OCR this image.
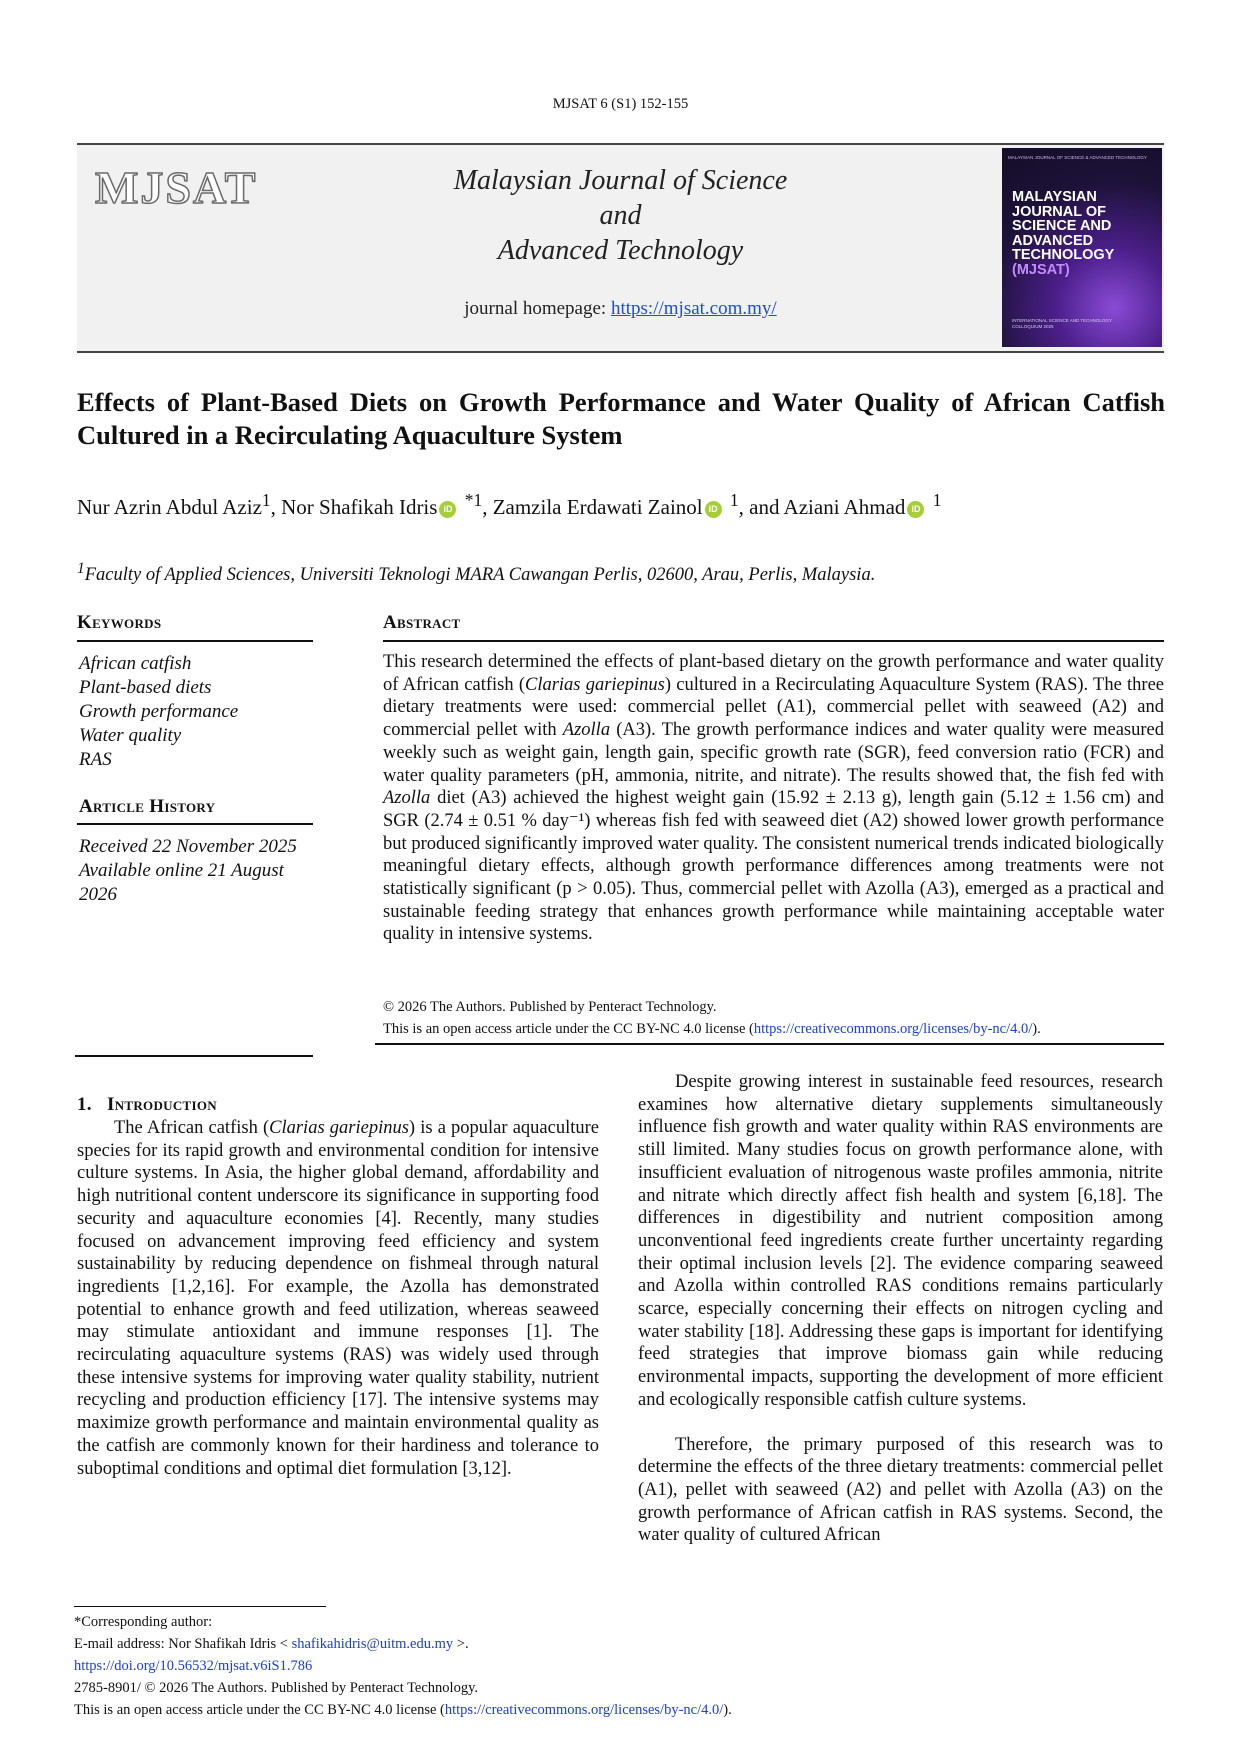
MJSAT 6 (S1) 152-155
MJSAT	Malaysian Journal of Science
and
Advanced Technology
journal homepage: https://mjsat.com.my/
MALAYSIAN JOURNAL OF SCIENCE & ADVANCED TECHNOLOGY
MALAYSIAN
JOURNAL OF
SCIENCE AND
ADVANCED
TECHNOLOGY
(MJSAT)
INTERNATIONAL SCIENCE AND TECHNOLOGY COLLOQUIUM 2025
Effects of Plant-Based Diets on Growth Performance and Water Quality of African Catfish Cultured in a Recirculating Aquaculture System
Nur Azrin Abdul Aziz$^1$, Nor Shafikah Idris iD $^{*1}$, Zamzila Erdawati Zainol iD $^1$, and Aziani Ahmad iD $^1$
$^1$Faculty of Applied Sciences, Universiti Teknologi MARA Cawangan Perlis, 02600, Arau, Perlis, Malaysia.
Keywords
African catfish
Plant-based diets
Growth performance
Water quality
RAS
Article History
Received 22 November 2025
Available online 21 August
2026
Abstract
This research determined the effects of plant-based dietary on the growth performance and water quality of African catfish (Clarias gariepinus) cultured in a Recirculating Aquaculture System (RAS). The three dietary treatments were used: commercial pellet (A1), commercial pellet with seaweed (A2) and commercial pellet with Azolla (A3). The growth performance indices and water quality were measured weekly such as weight gain, length gain, specific growth rate (SGR), feed conversion ratio (FCR) and water quality parameters (pH, ammonia, nitrite, and nitrate). The results showed that, the fish fed with Azolla diet (A3) achieved the highest weight gain (15.92 ± 2.13 g), length gain (5.12 ± 1.56 cm) and SGR (2.74 ± 0.51 % day⁻¹) whereas fish fed with seaweed diet (A2) showed lower growth performance but produced significantly improved water quality. The consistent numerical trends indicated biologically meaningful dietary effects, although growth performance differences among treatments were not statistically significant (p > 0.05). Thus, commercial pellet with Azolla (A3), emerged as a practical and sustainable feeding strategy that enhances growth performance while maintaining acceptable water quality in intensive systems.
© 2026 The Authors. Published by Penteract Technology.
This is an open access article under the CC BY-NC 4.0 license (https://creativecommons.org/licenses/by-nc/4.0/).
1. Introduction

The African catfish (Clarias gariepinus) is a popular aquaculture species for its rapid growth and environmental condition for intensive culture systems. In Asia, the higher global demand, affordability and high nutritional content underscore its significance in supporting food security and aquaculture economies [4]. Recently, many studies focused on advancement improving feed efficiency and system sustainability by reducing dependence on fishmeal through natural ingredients [1,2,16]. For example, the Azolla has demonstrated potential to enhance growth and feed utilization, whereas seaweed may stimulate antioxidant and immune responses [1]. The recirculating aquaculture systems (RAS) was widely used through these intensive systems for improving water quality stability, nutrient recycling and production efficiency [17]. The intensive systems may maximize growth performance and maintain environmental quality as the catfish are commonly known for their hardiness and tolerance to suboptimal conditions and optimal diet formulation [3,12].

Despite growing interest in sustainable feed resources, research examines how alternative dietary supplements simultaneously influence fish growth and water quality within RAS environments are still limited. Many studies focus on growth performance alone, with insufficient evaluation of nitrogenous waste profiles ammonia, nitrite and nitrate which directly affect fish health and system [6,18]. The differences in digestibility and nutrient composition among unconventional feed ingredients create further uncertainty regarding their optimal inclusion levels [2]. The evidence comparing seaweed and Azolla within controlled RAS conditions remains particularly scarce, especially concerning their effects on nitrogen cycling and water stability [18]. Addressing these gaps is important for identifying feed strategies that improve biomass gain while reducing environmental impacts, supporting the development of more efficient and ecologically responsible catfish culture systems.

Therefore, the primary purposed of this research was to determine the effects of the three dietary treatments: commercial pellet (A1), pellet with seaweed (A2) and pellet with Azolla (A3) on the growth performance of African catfish in RAS systems. Second, the water quality of cultured African

*Corresponding author:
E-mail address: Nor Shafikah Idris < shafikahidris@uitm.edu.my >.
https://doi.org/10.56532/mjsat.v6iS1.786
2785-8901/ © 2026 The Authors. Published by Penteract Technology.
This is an open access article under the CC BY-NC 4.0 license (https://creativecommons.org/licenses/by-nc/4.0/).
